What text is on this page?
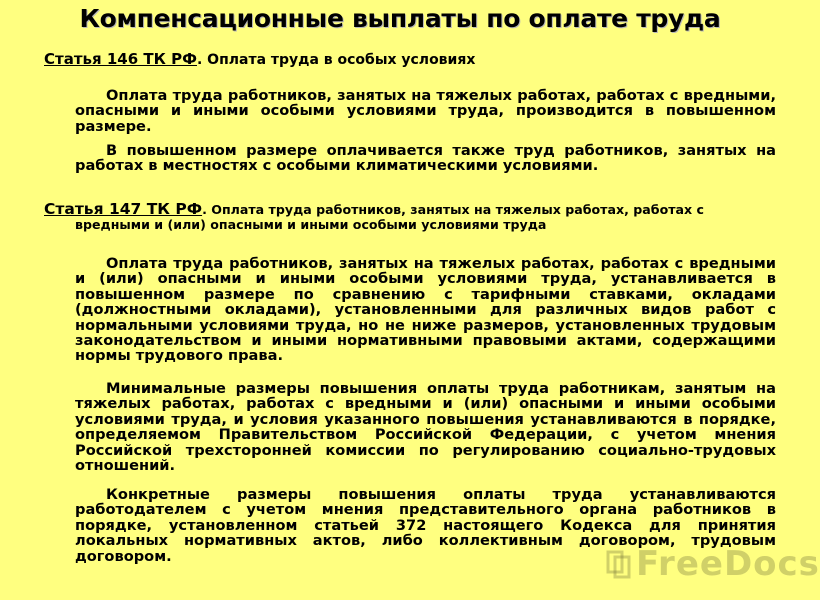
Компенсационные выплаты по оплате труда
Статья 146 ТК РФ. Оплата труда в особых условиях
Оплата труда работников, занятых на тяжелых работах, работах с вредными, опасными и иными особыми условиями труда, производится в повышенном размере.
В повышенном размере оплачивается также труд работников, занятых на работах в местностях с особыми климатическими условиями.
Статья 147 ТК РФ. Оплата труда работников, занятых на тяжелых работах, работах с
вредными и (или) опасными и иными особыми условиями труда
Оплата труда работников, занятых на тяжелых работах, работах с вредными и (или) опасными и иными особыми условиями труда, устанавливается в повышенном размере по сравнению с тарифными ставками, окладами (должностными окладами), установленными для различных видов работ с нормальными условиями труда, но не ниже размеров, установленных трудовым законодательством и иными нормативными правовыми актами, содержащими нормы трудового права.
Минимальные размеры повышения оплаты труда работникам, занятым на тяжелых работах, работах с вредными и (или) опасными и иными особыми условиями труда, и условия указанного повышения устанавливаются в порядке, определяемом Правительством Российской Федерации, с учетом мнения Российской трехсторонней комиссии по регулированию социально-трудовых отношений.
Конкретные размеры повышения оплаты труда устанавливаются работодателем с учетом мнения представительного органа работников в порядке, установленном статьей 372 настоящего Кодекса для принятия локальных нормативных актов, либо коллективным договором, трудовым договором.	FreeDocs
